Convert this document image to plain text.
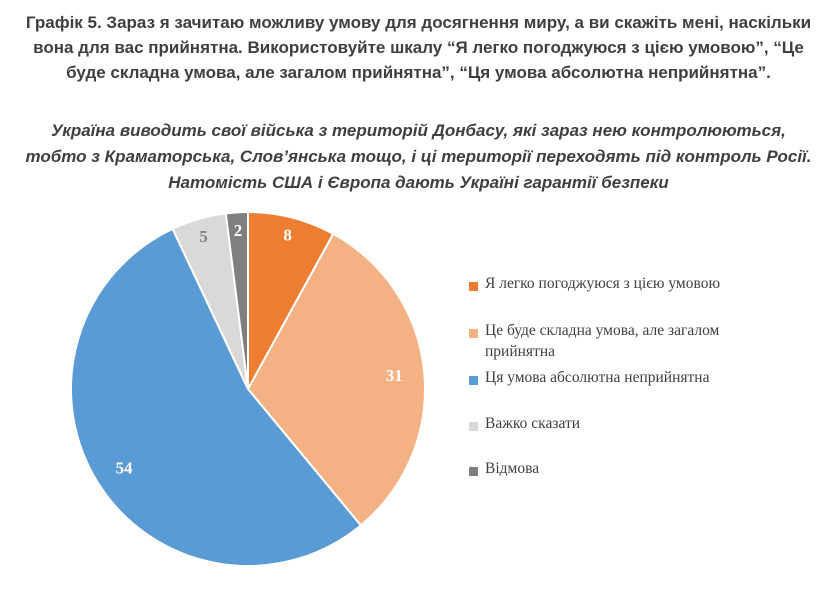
Графік 5. Зараз я зачитаю можливу умову для досягнення миру, а ви скажіть мені, наскільки вона для вас прийнятна. Використовуйте шкалу “Я легко погоджуюся з цією умовою”, “Це буде складна умова, але загалом прийнятна”, “Ця умова абсолютна неприйнятна”.
Україна виводить свої війська з територій Донбасу, які зараз нею контролюються, тобто з Краматорська, Слов’янська тощо, і ці території переходять під контроль Росії. Натомість США і Європа дають Україні гарантії безпеки
8
31
54
5 2
Я легко погоджуюся з цією умовою
Це буде складна умова, але загалом прийнятна
Ця умова абсолютна неприйнятна
Важко сказати
Відмова
